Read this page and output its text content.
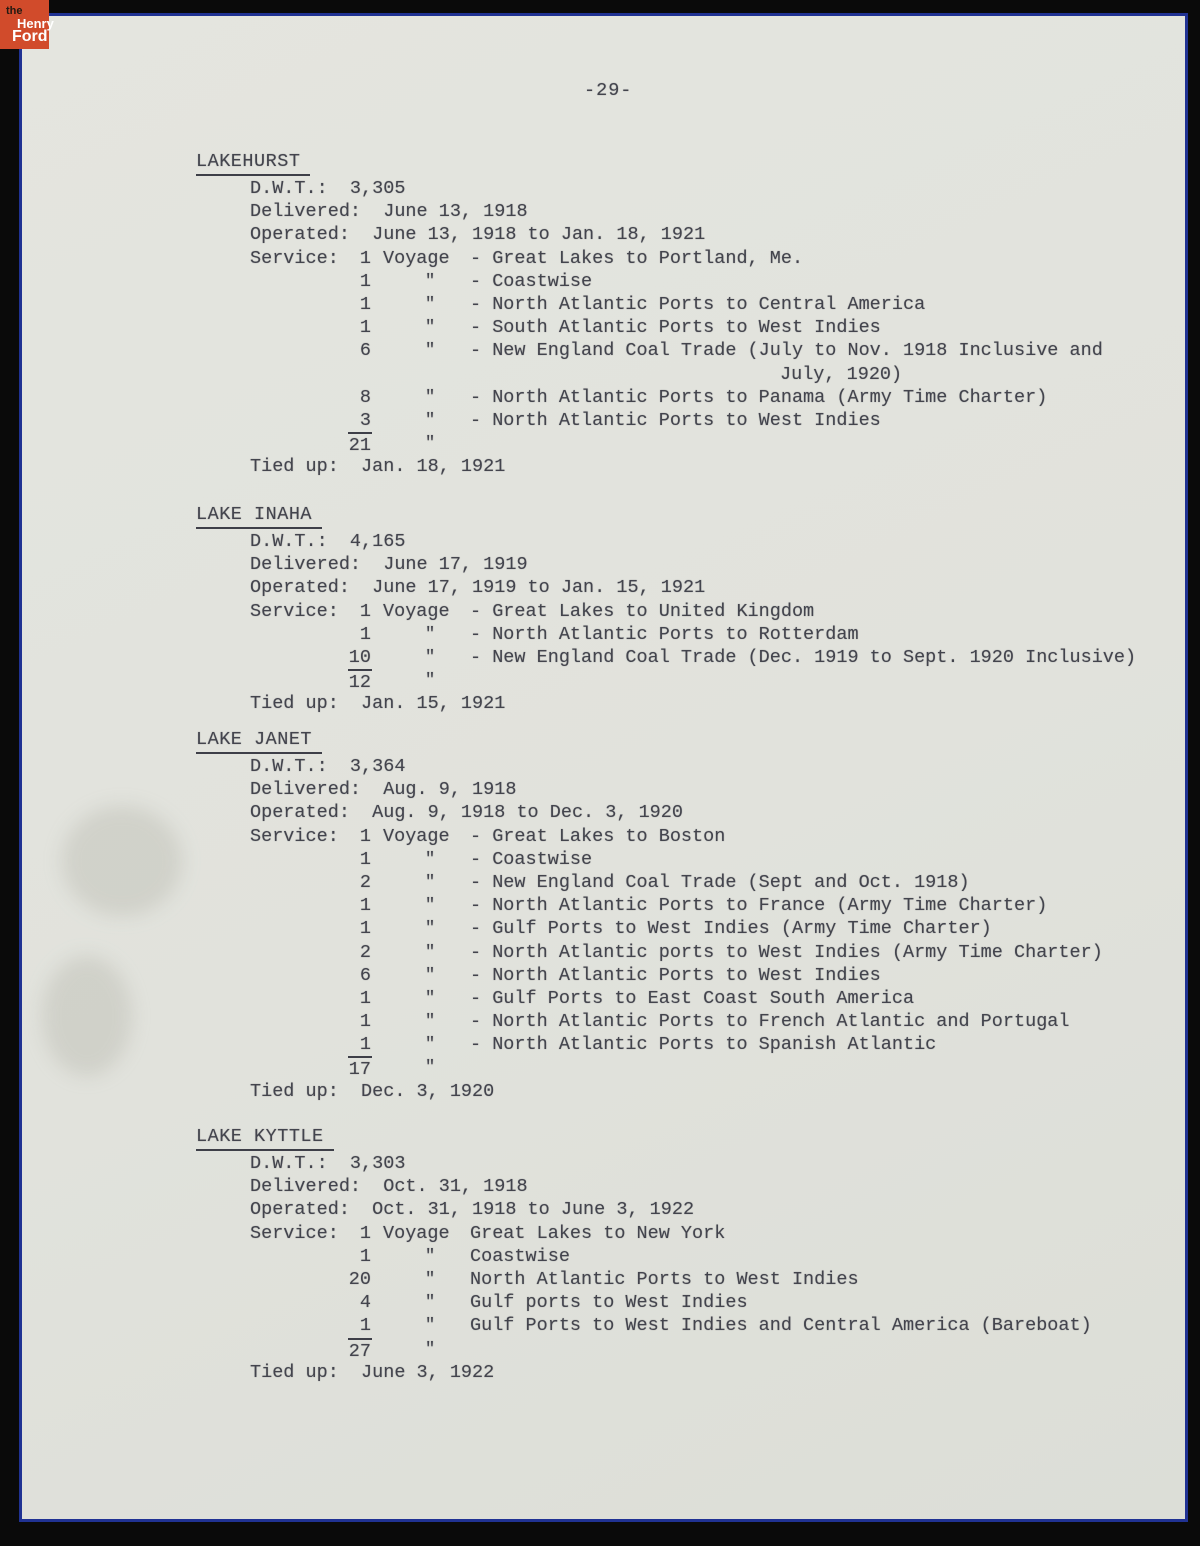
-29-
LAKEHURST
D.W.T.:  3,305
Delivered:  June 13, 1918
Operated:  June 13, 1918 to Jan. 18, 1921
Service:	1 Voyage - Great Lakes to Portland, Me.
1	" - Coastwise
1	" - North Atlantic Ports to Central America
1	" - South Atlantic Ports to West Indies
6	" - New England Coal Trade (July to Nov. 1918 Inclusive and
July, 1920)
8	" - North Atlantic Ports to Panama (Army Time Charter)
3	" - North Atlantic Ports to West Indies
21	"
Tied up:  Jan. 18, 1921
LAKE INAHA
D.W.T.:  4,165
Delivered:  June 17, 1919
Operated:  June 17, 1919 to Jan. 15, 1921
Service:	1 Voyage - Great Lakes to United Kingdom
1	" - North Atlantic Ports to Rotterdam
10	" - New England Coal Trade (Dec. 1919 to Sept. 1920 Inclusive)
12	"
Tied up:  Jan. 15, 1921
LAKE JANET
D.W.T.:  3,364
Delivered:  Aug. 9, 1918
Operated:  Aug. 9, 1918 to Dec. 3, 1920
Service:	1 Voyage - Great Lakes to Boston
1	" - Coastwise
2	" - New England Coal Trade (Sept and Oct. 1918)
1	" - North Atlantic Ports to France (Army Time Charter)
1	" - Gulf Ports to West Indies (Army Time Charter)
2	" - North Atlantic ports to West Indies (Army Time Charter)
6	" - North Atlantic Ports to West Indies
1	" - Gulf Ports to East Coast South America
1	" - North Atlantic Ports to French Atlantic and Portugal
1	" - North Atlantic Ports to Spanish Atlantic
17	"
Tied up:  Dec. 3, 1920
LAKE KYTTLE
D.W.T.:  3,303
Delivered:  Oct. 31, 1918
Operated:  Oct. 31, 1918 to June 3, 1922
Service:	1 Voyage Great Lakes to New York
1	" Coastwise
20	" North Atlantic Ports to West Indies
4	" Gulf ports to West Indies
1	" Gulf Ports to West Indies and Central America (Bareboat)
27	"
Tied up:  June 3, 1922
the
Henry
Ford
